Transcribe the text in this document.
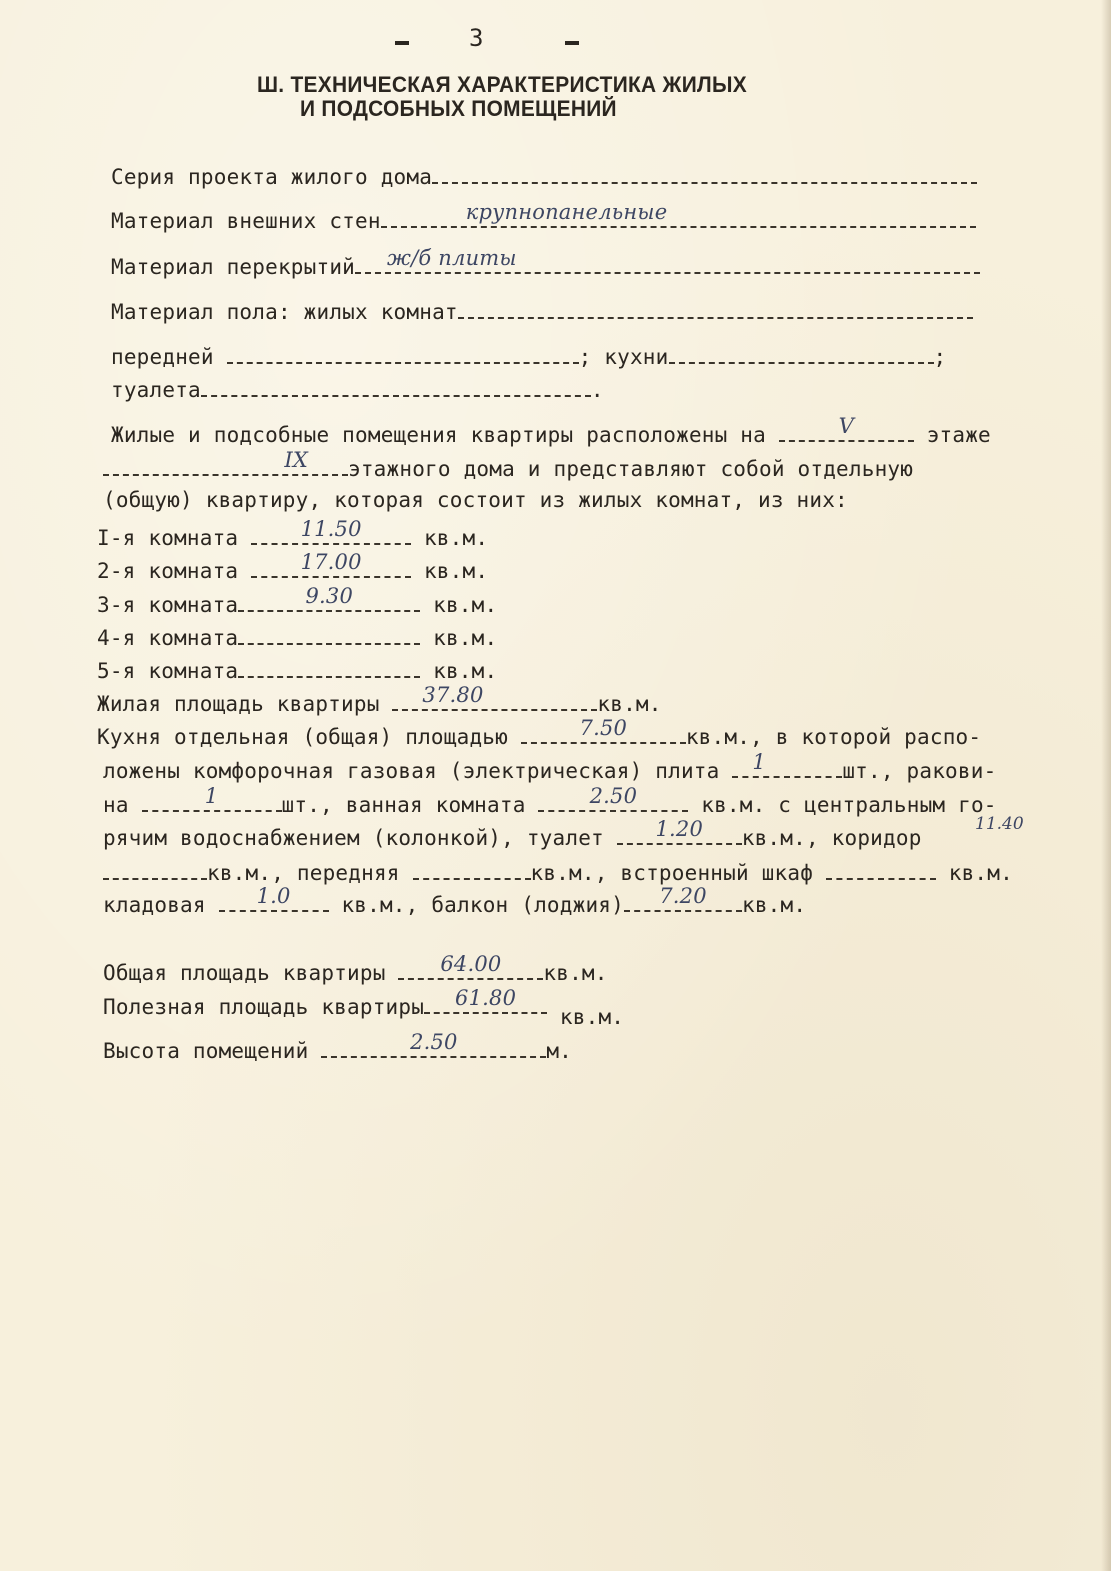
3
Ш. ТЕХНИЧЕСКАЯ ХАРАКТЕРИСТИКА ЖИЛЫХ
И ПОДСОБНЫХ ПОМЕЩЕНИЙ
Серия проекта жилого дома
Материал внешних стен	крупнопанельные
Материал перекрытий ж/б плиты
Материал пола: жилых комнат
передней	; кухни	;
туалета	.
Жилые и подсобные помещения квартиры расположены на	V	этаже
IX этажного дома и представляют собой отдельную
(общую) квартиру, которая состоит из жилых комнат, из них:
I-я комната	11.50	кв.м.
2-я комната	17.00	кв.м.
3-я комната	9.30	кв.м.
4-я комната	кв.м.
5-я комната	кв.м.
Жилая площадь квартиры 37.80	кв.м.
Кухня отдельная (общая) площадью	7.50	кв.м., в которой распо-
ложены комфорочная газовая (электрическая) плита 1	шт., ракови-
на	1	шт., ванная комната	2.50	кв.м. с центральным го-
рячим водоснабжением (колонкой), туалет	1.20	кв.м., коридор
11.40
кв.м., передняя	кв.м., встроенный шкаф	кв.м.
кладовая	1.0	кв.м., балкон (лоджия)	7.20	кв.м.
Общая площадь квартиры	64.00	кв.м.
Полезная площадь квартиры	61.80
кв.м.
Высота помещений	2.50	м.
